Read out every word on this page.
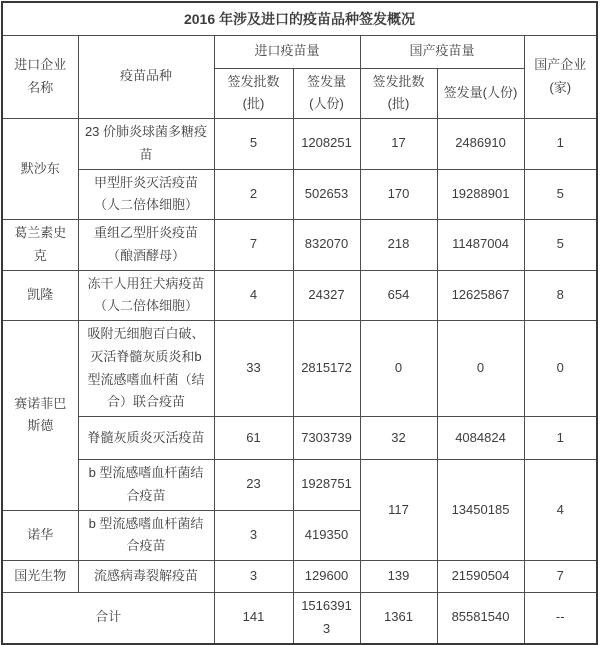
2016 年涉及进口的疫苗品种签发概况						
进口企业名称	疫苗品种	进口疫苗量		国产疫苗量		国产企业(家)
		签发批数(批)	签发量(人份)	签发批数(批)	签发量(人份)	
默沙东	23 价肺炎球菌多糖疫苗	5	1208251	17	2486910	1
	甲型肝炎灭活疫苗（人二倍体细胞）	2	502653	170	19288901	5
葛兰素史克	重组乙型肝炎疫苗（酿酒酵母）	7	832070	218	11487004	5
凯隆	冻干人用狂犬病疫苗（人二倍体细胞）	4	24327	654	12625867	8
赛诺菲巴斯德	吸附无细胞百白破、灭活脊髓灰质炎和b 型流感嗜血杆菌（结合）联合疫苗	33	2815172	0	0	0
	脊髓灰质炎灭活疫苗	61	7303739	32	4084824	1
	b 型流感嗜血杆菌结合疫苗	23	1928751	117	13450185	4
诺华	b 型流感嗜血杆菌结合疫苗	3	419350			
国光生物	流感病毒裂解疫苗	3	129600	139	21590504	7
合计		141	15163913	1361	85581540	--
